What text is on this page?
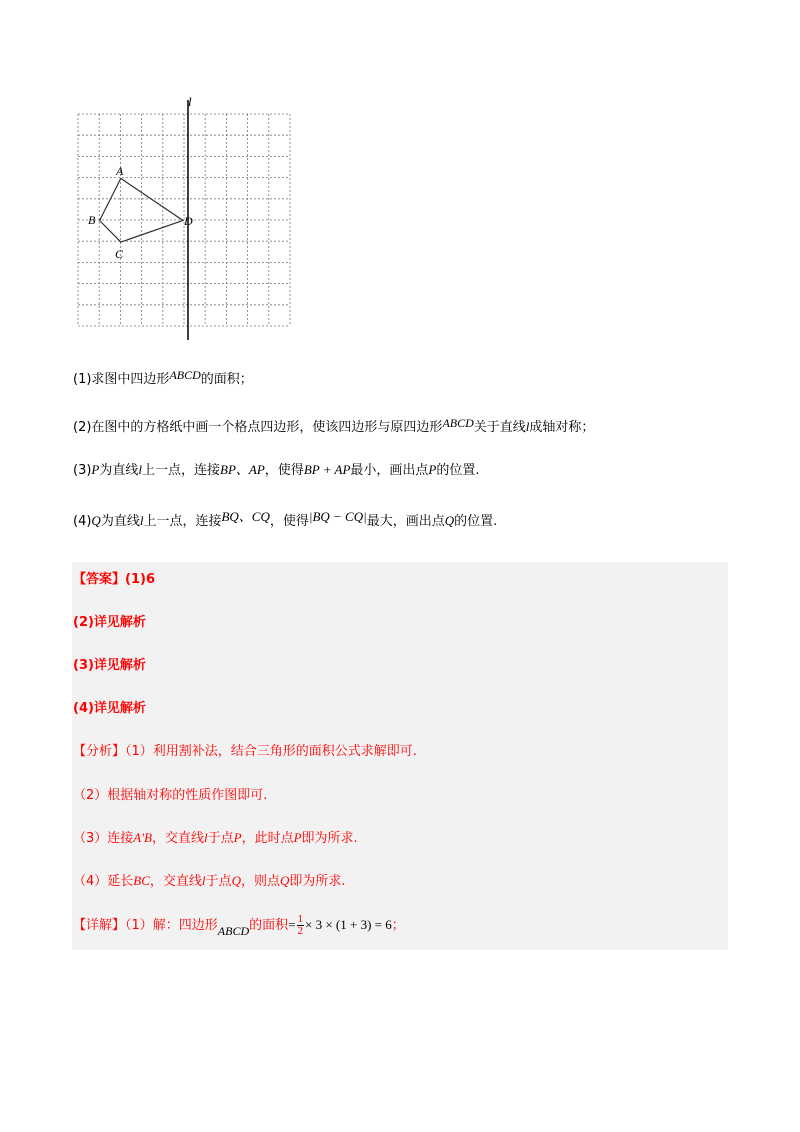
l
A
B
C
D
(1)求图中四边形ABCD的面积；
(2)在图中的方格纸中画一个格点四边形，使该四边形与原四边形ABCD关于直线l成轴对称；
(3)P为直线l上一点，连接BP、AP，使得BP + AP最小，画出点P的位置.
(4)Q为直线l上一点，连接BQ、CQ，使得|BQ − CQ|最大，画出点Q的位置.
【答案】(1)6
(2)详见解析
(3)详见解析
(4)详见解析
【分析】（1）利用割补法，结合三角形的面积公式求解即可.
（2）根据轴对称的性质作图即可.
（3）连接A'B，交直线l于点P，此时点P即为所求.
（4）延长BC，交直线l于点Q，则点Q即为所求.
【详解】（1）解：四边形ABCD的面积= $\frac{1}{2} \times 3 \times (1 + 3) = 6$；
